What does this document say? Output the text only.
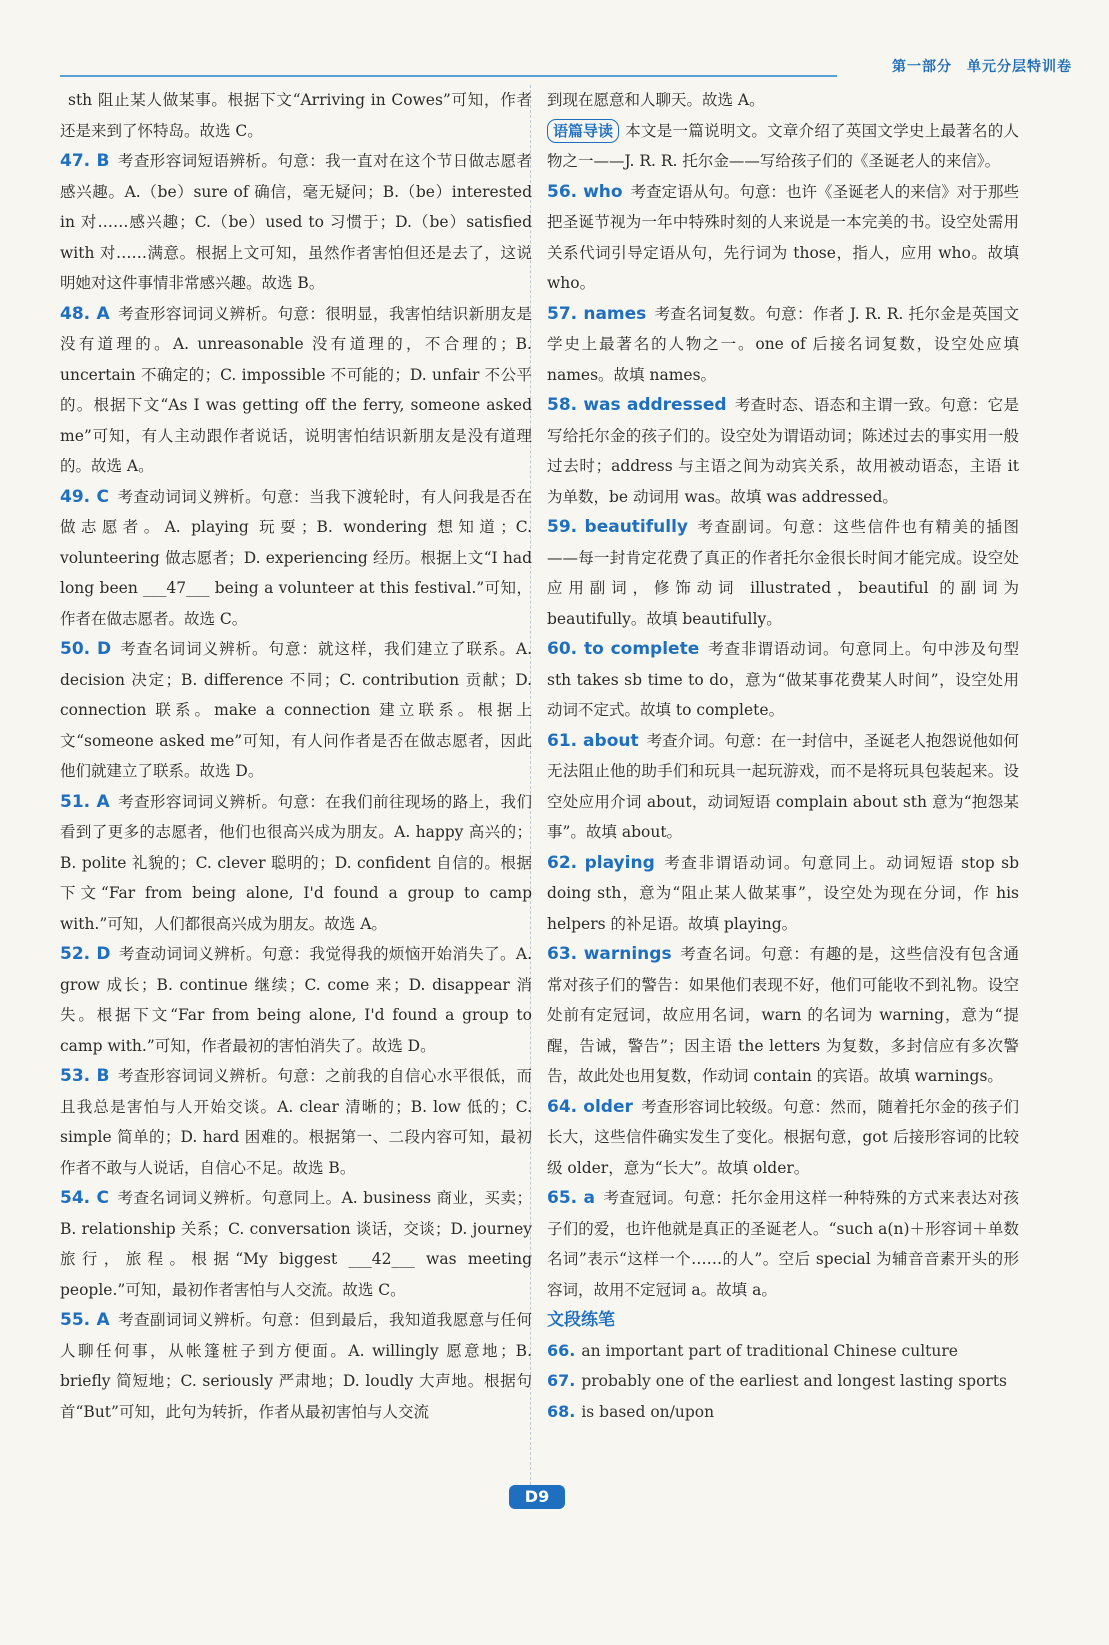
第一部分　单元分层特训卷

sth 阻止某人做某事。根据下文“Arriving in Cowes”可知，作者还是来到了怀特岛。故选 C。

47. B 考查形容词短语辨析。句意：我一直对在这个节日做志愿者感兴趣。A.（be）sure of 确信，毫无疑问；B.（be）interested in 对……感兴趣；C.（be）used to 习惯于；D.（be）satisfied with 对……满意。根据上文可知，虽然作者害怕但还是去了，这说明她对这件事情非常感兴趣。故选 B。

48. A 考查形容词词义辨析。句意：很明显，我害怕结识新朋友是没有道理的。A. unreasonable 没有道理的，不合理的；B. uncertain 不确定的；C. impossible 不可能的；D. unfair 不公平的。根据下文“As I was getting off the ferry, someone asked me”可知，有人主动跟作者说话，说明害怕结识新朋友是没有道理的。故选 A。

49. C 考查动词词义辨析。句意：当我下渡轮时，有人问我是否在做志愿者。A. playing 玩耍；B. wondering 想知道；C. volunteering 做志愿者；D. experiencing 经历。根据上文“I had long been ___47___ being a volunteer at this festival.”可知，作者在做志愿者。故选 C。

50. D 考查名词词义辨析。句意：就这样，我们建立了联系。A. decision 决定；B. difference 不同；C. contribution 贡献；D. connection 联系。make a connection 建立联系。根据上文“someone asked me”可知，有人问作者是否在做志愿者，因此他们就建立了联系。故选 D。

51. A 考查形容词词义辨析。句意：在我们前往现场的路上，我们看到了更多的志愿者，他们也很高兴成为朋友。A. happy 高兴的；B. polite 礼貌的；C. clever 聪明的；D. confident 自信的。根据下文“Far from being alone, I'd found a group to camp with.”可知，人们都很高兴成为朋友。故选 A。

52. D 考查动词词义辨析。句意：我觉得我的烦恼开始消失了。A. grow 成长；B. continue 继续；C. come 来；D. disappear 消失。根据下文“Far from being alone, I'd found a group to camp with.”可知，作者最初的害怕消失了。故选 D。

53. B 考查形容词词义辨析。句意：之前我的自信心水平很低，而且我总是害怕与人开始交谈。A. clear 清晰的；B. low 低的；C. simple 简单的；D. hard 困难的。根据第一、二段内容可知，最初作者不敢与人说话，自信心不足。故选 B。

54. C 考查名词词义辨析。句意同上。A. business 商业，买卖；B. relationship 关系；C. conversation 谈话，交谈；D. journey 旅行，旅程。根据“My biggest ___42___ was meeting people.”可知，最初作者害怕与人交流。故选 C。

55. A 考查副词词义辨析。句意：但到最后，我知道我愿意与任何人聊任何事，从帐篷桩子到方便面。A. willingly 愿意地；B. briefly 简短地；C. seriously 严肃地；D. loudly 大声地。根据句首“But”可知，此句为转折，作者从最初害怕与人交流

到现在愿意和人聊天。故选 A。

语篇导读 本文是一篇说明文。文章介绍了英国文学史上最著名的人物之一——J. R. R. 托尔金——写给孩子们的《圣诞老人的来信》。

56. who 考查定语从句。句意：也许《圣诞老人的来信》对于那些把圣诞节视为一年中特殊时刻的人来说是一本完美的书。设空处需用关系代词引导定语从句，先行词为 those，指人，应用 who。故填 who。

57. names 考查名词复数。句意：作者 J. R. R. 托尔金是英国文学史上最著名的人物之一。one of 后接名词复数，设空处应填 names。故填 names。

58. was addressed 考查时态、语态和主谓一致。句意：它是写给托尔金的孩子们的。设空处为谓语动词；陈述过去的事实用一般过去时；address 与主语之间为动宾关系，故用被动语态，主语 it 为单数，be 动词用 was。故填 was addressed。

59. beautifully 考查副词。句意：这些信件也有精美的插图——每一封肯定花费了真正的作者托尔金很长时间才能完成。设空处应用副词，修饰动词 illustrated，beautiful 的副词为 beautifully。故填 beautifully。

60. to complete 考查非谓语动词。句意同上。句中涉及句型 sth takes sb time to do，意为“做某事花费某人时间”，设空处用动词不定式。故填 to complete。

61. about 考查介词。句意：在一封信中，圣诞老人抱怨说他如何无法阻止他的助手们和玩具一起玩游戏，而不是将玩具包装起来。设空处应用介词 about，动词短语 complain about sth 意为“抱怨某事”。故填 about。

62. playing 考查非谓语动词。句意同上。动词短语 stop sb doing sth，意为“阻止某人做某事”，设空处为现在分词，作 his helpers 的补足语。故填 playing。

63. warnings 考查名词。句意：有趣的是，这些信没有包含通常对孩子们的警告：如果他们表现不好，他们可能收不到礼物。设空处前有定冠词，故应用名词，warn 的名词为 warning，意为“提醒，告诫，警告”；因主语 the letters 为复数，多封信应有多次警告，故此处也用复数，作动词 contain 的宾语。故填 warnings。

64. older 考查形容词比较级。句意：然而，随着托尔金的孩子们长大，这些信件确实发生了变化。根据句意，got 后接形容词的比较级 older，意为“长大”。故填 older。

65. a 考查冠词。句意：托尔金用这样一种特殊的方式来表达对孩子们的爱，也许他就是真正的圣诞老人。“such a(n)＋形容词＋单数名词”表示“这样一个……的人”。空后 special 为辅音音素开头的形容词，故用不定冠词 a。故填 a。

文段练笔

66. an important part of traditional Chinese culture

67. probably one of the earliest and longest lasting sports

68. is based on/upon

D9
